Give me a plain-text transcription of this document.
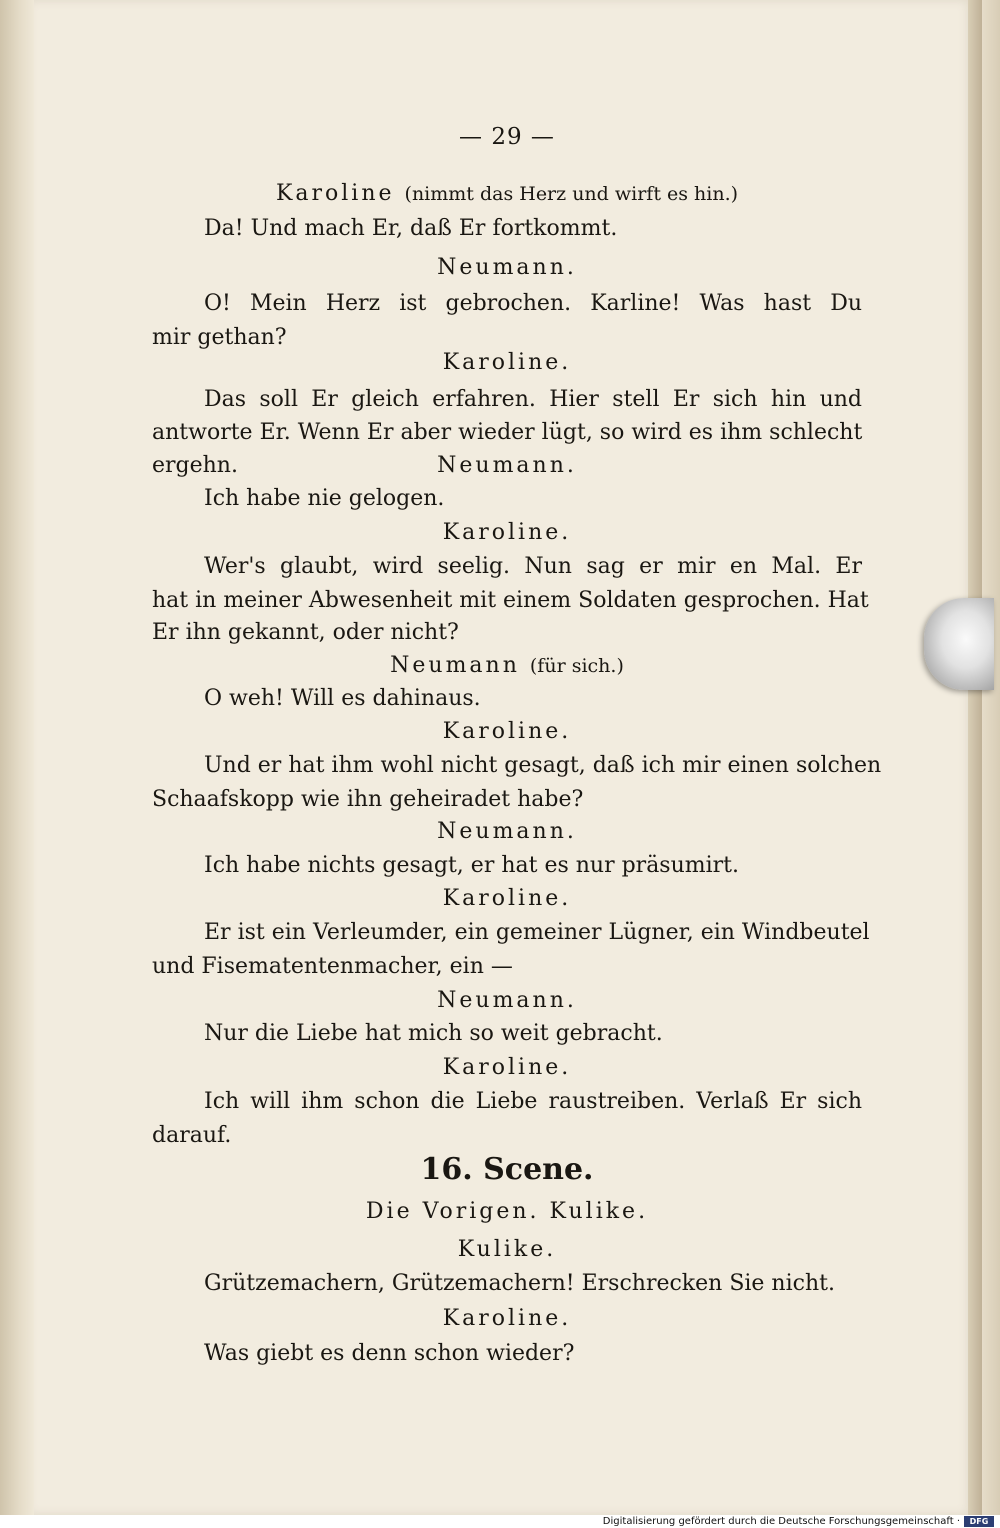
— 29 —
Karoline (nimmt das Herz und wirft es hin.)
Da! Und mach Er, daß Er fortkommt.
Neumann.
O! Mein Herz ist gebrochen. Karline! Was hast Du
mir gethan?
Karoline.
Das soll Er gleich erfahren. Hier stell Er sich hin und
antworte Er. Wenn Er aber wieder lügt, so wird es ihm schlecht
ergehn.	Neumann.
Ich habe nie gelogen.
Karoline.
Wer's glaubt, wird seelig. Nun sag er mir en Mal. Er
hat in meiner Abwesenheit mit einem Soldaten gesprochen. Hat
Er ihn gekannt, oder nicht?
Neumann (für sich.)
O weh! Will es dahinaus.
Karoline.
Und er hat ihm wohl nicht gesagt, daß ich mir einen solchen
Schaafskopp wie ihn geheiradet habe?
Neumann.
Ich habe nichts gesagt, er hat es nur präsumirt.
Karoline.
Er ist ein Verleumder, ein gemeiner Lügner, ein Windbeutel
und Fisematentenmacher, ein —
Neumann.
Nur die Liebe hat mich so weit gebracht.
Karoline.
Ich will ihm schon die Liebe raustreiben. Verlaß Er sich
darauf.
16. Scene.
Die Vorigen. Kulike.
Kulike.
Grützemachern, Grützemachern! Erschrecken Sie nicht.
Karoline.
Was giebt es denn schon wieder?
Digitalisierung gefördert durch die Deutsche Forschungsgemeinschaft ·	DFG
